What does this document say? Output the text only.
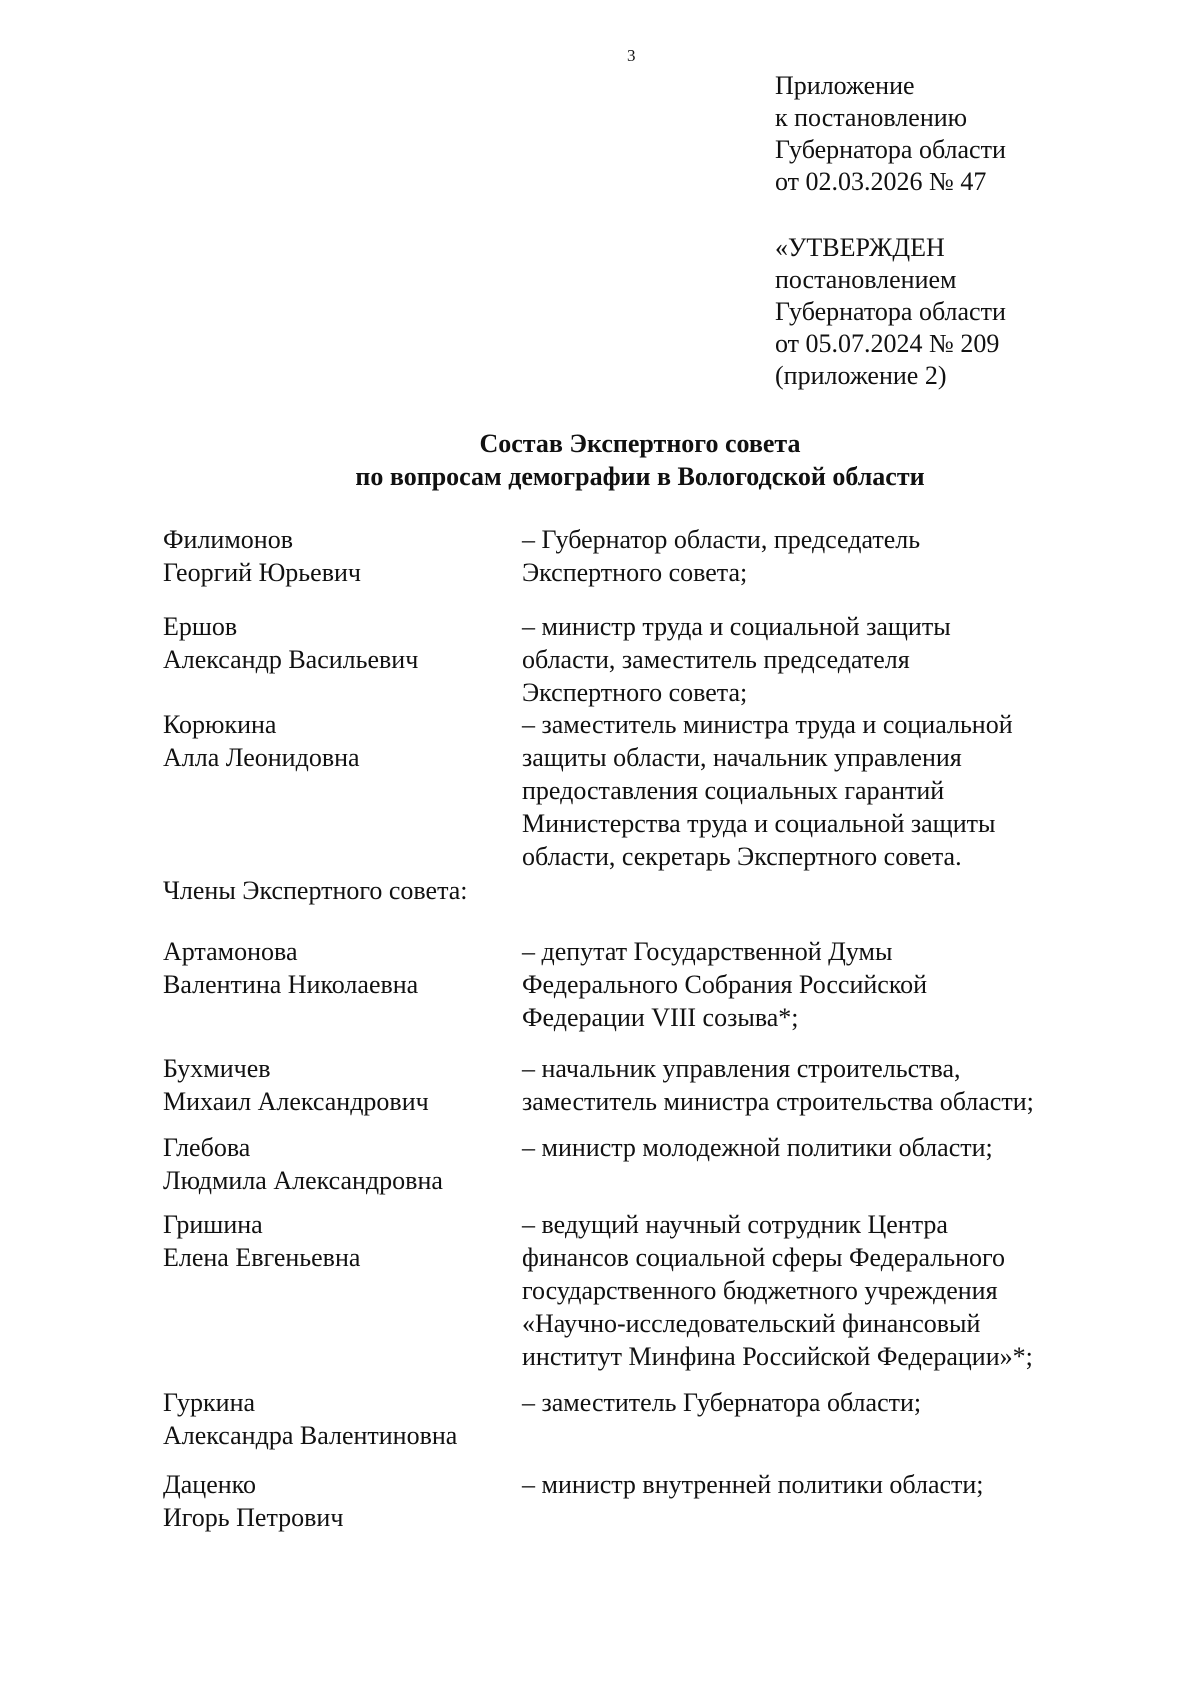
3
Приложение
к постановлению
Губернатора области
от 02.03.2026 № 47
«УТВЕРЖДЕН
постановлением
Губернатора области
от 05.07.2024 № 209
(приложение 2)
Состав Экспертного совета
по вопросам демографии в Вологодской области
Филимонов
Георгий Юрьевич
– Губернатор области, председатель
Экспертного совета;
Ершов
Александр Васильевич
– министр труда и социальной защиты
области, заместитель председателя
Экспертного совета;
Корюкина
Алла Леонидовна
– заместитель министра труда и социальной
защиты области, начальник управления
предоставления социальных гарантий
Министерства труда и социальной защиты
области, секретарь Экспертного совета.
Члены Экспертного совета:
Артамонова
Валентина Николаевна
– депутат Государственной Думы
Федерального Собрания Российской
Федерации VIII созыва*;
Бухмичев
Михаил Александрович
– начальник управления строительства,
заместитель министра строительства области;
Глебова
Людмила Александровна
– министр молодежной политики области;
Гришина
Елена Евгеньевна
– ведущий научный сотрудник Центра
финансов социальной сферы Федерального
государственного бюджетного учреждения
«Научно-исследовательский финансовый
институт Минфина Российской Федерации»*;
Гуркина
Александра Валентиновна
– заместитель Губернатора области;
Даценко
Игорь Петрович
– министр внутренней политики области;
